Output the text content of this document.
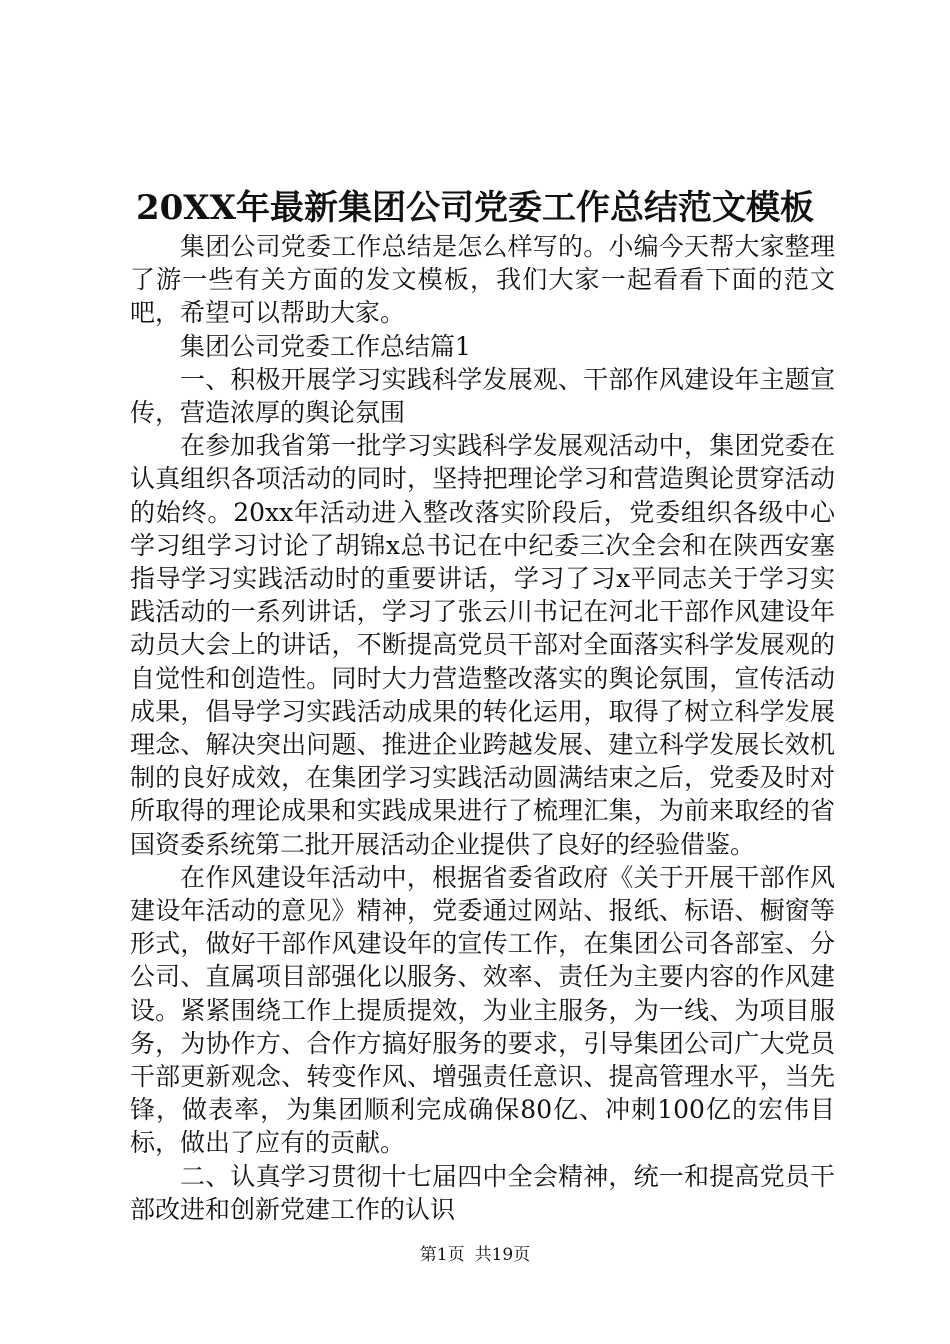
20XX年最新集团公司党委工作总结范文模板

集团公司党委工作总结是怎么样写的。小编今天帮大家整理了游一些有关方面的发文模板，我们大家一起看看下面的范文吧，希望可以帮助大家。

集团公司党委工作总结篇1

一、积极开展学习实践科学发展观、干部作风建设年主题宣传，营造浓厚的舆论氛围

在参加我省第一批学习实践科学发展观活动中，集团党委在认真组织各项活动的同时，坚持把理论学习和营造舆论贯穿活动的始终。20xx年活动进入整改落实阶段后，党委组织各级中心学习组学习讨论了胡锦x总书记在中纪委三次全会和在陕西安塞指导学习实践活动时的重要讲话，学习了习x平同志关于学习实践活动的一系列讲话，学习了张云川书记在河北干部作风建设年动员大会上的讲话，不断提高党员干部对全面落实科学发展观的自觉性和创造性。同时大力营造整改落实的舆论氛围，宣传活动成果，倡导学习实践活动成果的转化运用，取得了树立科学发展理念、解决突出问题、推进企业跨越发展、建立科学发展长效机制的良好成效，在集团学习实践活动圆满结束之后，党委及时对所取得的理论成果和实践成果进行了梳理汇集，为前来取经的省国资委系统第二批开展活动企业提供了良好的经验借鉴。

在作风建设年活动中，根据省委省政府《关于开展干部作风建设年活动的意见》精神，党委通过网站、报纸、标语、橱窗等形式，做好干部作风建设年的宣传工作，在集团公司各部室、分公司、直属项目部强化以服务、效率、责任为主要内容的作风建设。紧紧围绕工作上提质提效，为业主服务，为一线、为项目服务，为协作方、合作方搞好服务的要求，引导集团公司广大党员干部更新观念、转变作风、增强责任意识、提高管理水平，当先锋，做表率，为集团顺利完成确保80亿、冲刺100亿的宏伟目标，做出了应有的贡献。

二、认真学习贯彻十七届四中全会精神，统一和提高党员干部改进和创新党建工作的认识

第1页 共19页
